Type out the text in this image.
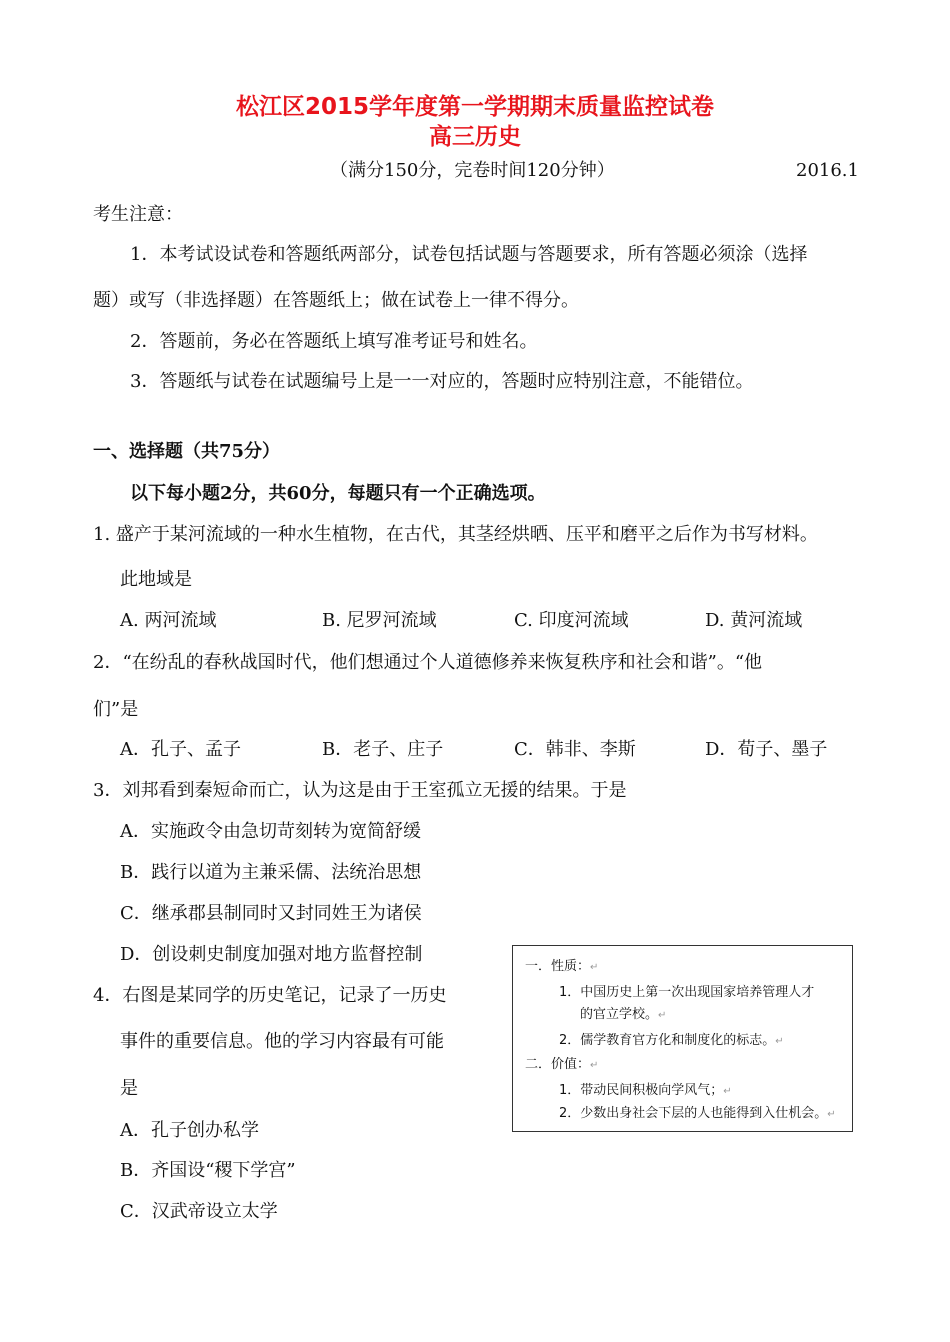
松江区2015学年度第一学期期末质量监控试卷
高三历史
（满分150分，完卷时间120分钟）	2016.1
考生注意：
1．本考试设试卷和答题纸两部分，试卷包括试题与答题要求，所有答题必须涂（选择
题）或写（非选择题）在答题纸上；做在试卷上一律不得分。
2．答题前，务必在答题纸上填写准考证号和姓名。
3．答题纸与试卷在试题编号上是一一对应的，答题时应特别注意，不能错位。
一、选择题（共75分）
以下每小题2分，共60分，每题只有一个正确选项。
1. 盛产于某河流域的一种水生植物，在古代，其茎经烘晒、压平和磨平之后作为书写材料。
此地域是
A. 两河流域	B. 尼罗河流域	C. 印度河流域	D. 黄河流域
2．“在纷乱的春秋战国时代，他们想通过个人道德修养来恢复秩序和社会和谐”。“他
们”是
A．孔子、孟子	B．老子、庄子	C．韩非、李斯	D．荀子、墨子
3．刘邦看到秦短命而亡，认为这是由于王室孤立无援的结果。于是
A．实施政令由急切苛刻转为宽简舒缓
B．践行以道为主兼采儒、法统治思想
C．继承郡县制同时又封同姓王为诸侯
D．创设刺史制度加强对地方监督控制
4．右图是某同学的历史笔记，记录了一历史
事件的重要信息。他的学习内容最有可能
是
A．孔子创办私学
B．齐国设“稷下学宫”
C．汉武帝设立太学
一．性质：↵
1．中国历史上第一次出现国家培养管理人才
的官立学校。↵
2．儒学教育官方化和制度化的标志。↵
二．价值：↵
1．带动民间积极向学风气；↵
2．少数出身社会下层的人也能得到入仕机会。↵
